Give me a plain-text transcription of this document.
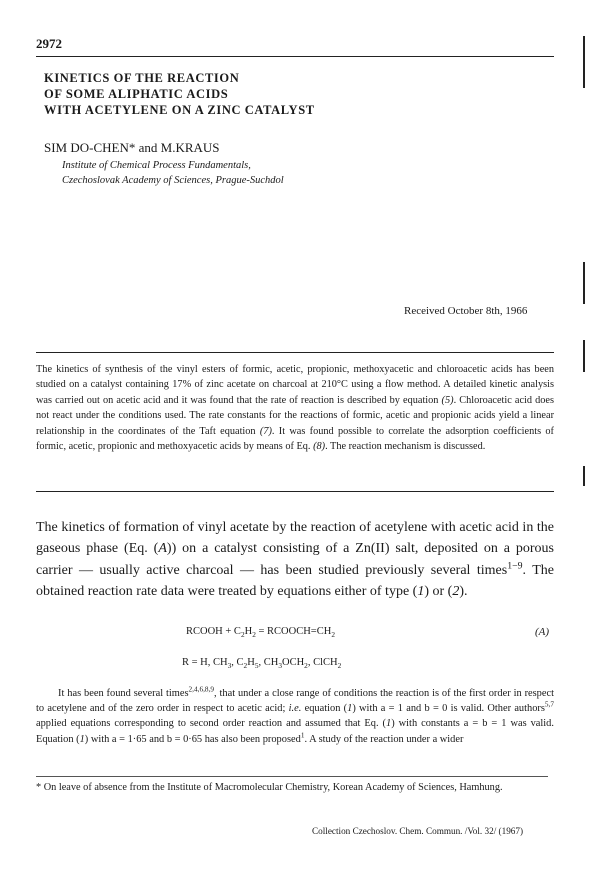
2972
KINETICS OF THE REACTION
OF SOME ALIPHATIC ACIDS
WITH ACETYLENE ON A ZINC CATALYST
SIM DO-CHEN* and M.KRAUS
Institute of Chemical Process Fundamentals,
Czechoslovak Academy of Sciences, Prague-Suchdol
Received October 8th, 1966

The kinetics of synthesis of the vinyl esters of formic, acetic, propionic, methoxyacetic and chloroacetic acids has been studied on a catalyst containing 17% of zinc acetate on charcoal at 210°C using a flow method. A detailed kinetic analysis was carried out on acetic acid and it was found that the rate of reaction is described by equation (5). Chloroacetic acid does not react under the conditions used. The rate constants for the reactions of formic, acetic and propionic acids yield a linear relationship in the coordinates of the Taft equation (7). It was found possible to correlate the adsorption coefficients of formic, acetic, propionic and methoxyacetic acids by means of Eq. (8). The reaction mechanism is discussed.

The kinetics of formation of vinyl acetate by the reaction of acetylene with acetic acid in the gaseous phase (Eq. (A)) on a catalyst consisting of a Zn(II) salt, deposited on a porous carrier — usually active charcoal — has been studied previously several times$^{1-9}$. The obtained reaction rate data were treated by equations either of type (1) or (2).

RCOOH + $C_2H_2$ = $RCOOCH=CH_2$	(A)
R = H, $CH_3$, $C_2H_5$, $CH_3OCH_2$, ClCH$_2$

It has been found several times$^{2,4,6,8,9}$, that under a close range of conditions the reaction is of the first order in respect to acetylene and of the zero order in respect to acetic acid; i.e. equation (1) with a = 1 and b = 0 is valid. Other authors$^{5,7}$ applied equations corresponding to second order reaction and assumed that Eq. (1) with constants a = b = 1 was valid. Equation (1) with a = 1·65 and b = 0·65 has also been proposed$^1$. A study of the reaction under a wider

* On leave of absence from the Institute of Macromolecular Chemistry, Korean Academy of Sciences, Hamhung.

Collection Czechoslov. Chem. Commun. /Vol. 32/ (1967)
